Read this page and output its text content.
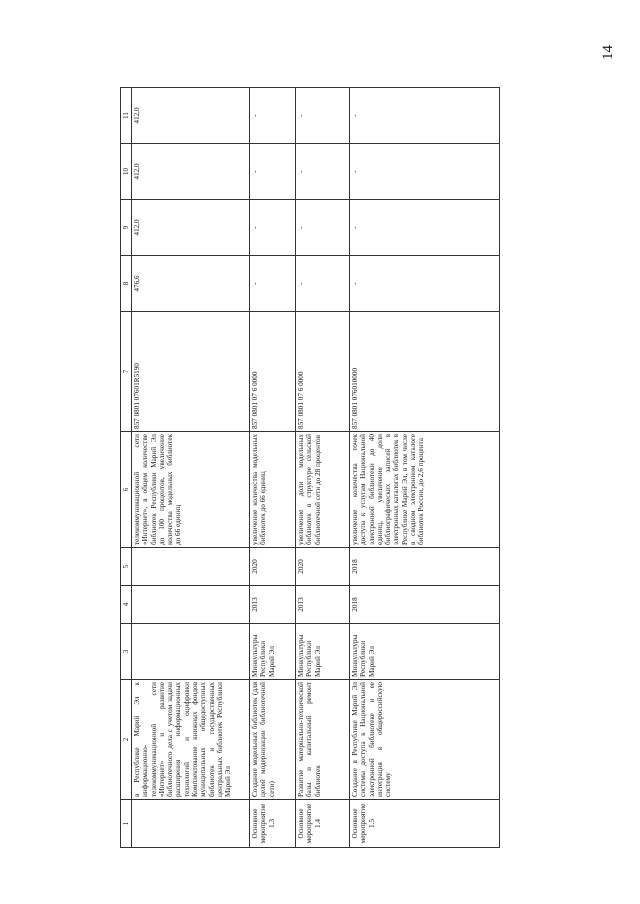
14
1	2	3	4	5	6	7	8	9	10	11
	в Республике Марий Эл к информационно-телекоммуникационной сети «Интернет» и развитие библиотечного дела с учетом задачи расширения информационных технологий и оцифровки Комплектование книжных фондов муниципальных общедоступных библиотек и государственных центральных библиотек Республики Марий Эл				телекоммуникационной сети «Интернет», в общем количестве библиотек Республики Марий Эл до 100 процентов, увеличение количества модельных библиотек до 66 единиц	857 0801 07601R5190	476,6	412,0	412,0	412,0
Основное мероприятие 1.3	Создание модельных библиотек (для целей модернизации библиотечной сети)	Минкультуры Республики Марий Эл	2013	2020	увеличение количества модельных библиотек до 66 единиц	857 0801 07 6 0000	-	-	-	-
Основное мероприятие 1.4	Развитие материально-технической базы и капитальный ремонт библиотек	Минкультуры Республики Марий Эл	2013	2020	увеличение доли модельных библиотек в структуре сельской библиотечной сети до 28 процентов	857 0801 07 6 0000	-	-	-	-
Основное мероприятие 1.5	Создание в Республике Марий Эл системы доступа к Национальной электронной библиотеке и ее интеграция в общероссийскую систему	Минкультуры Республики Марий Эл	2018	2018	увеличение количества точек доступа к услугам Национальной электронной библиотеки до 40 единиц, увеличение доли библиографических записей в электронных каталогах библиотек в Республике Марий Эл, в том числе в сводном электронном каталоге библиотек России, до 2,6 процента	857 0801 076010000	-	-	-	-
